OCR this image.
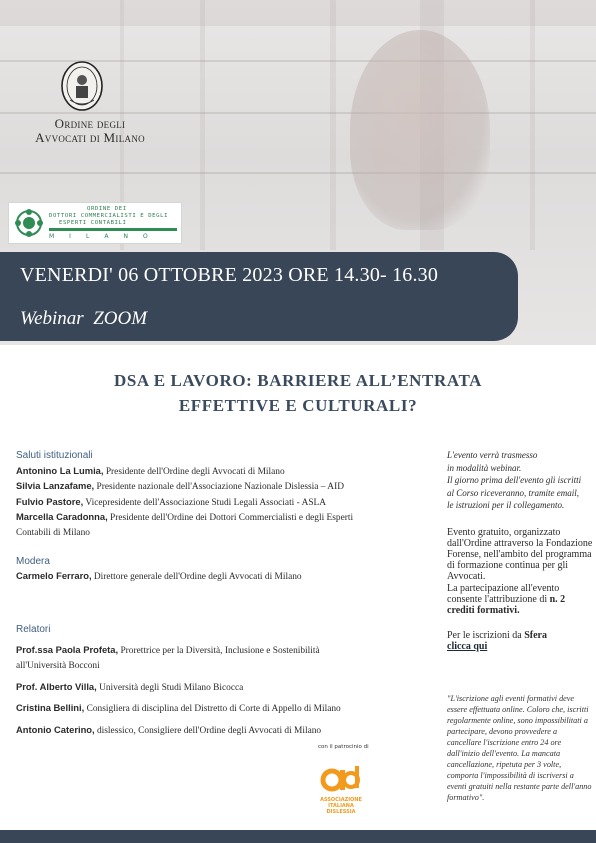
Ordine degli
Avvocati di Milano
ORDINE DEI
DOTTORI COMMERCIALISTI E DEGLI
ESPERTI CONTABILI
MILANO
VENERDI' 06 OTTOBRE 2023 ORE 14.30- 16.30
Webinar  ZOOM
DSA E LAVORO: BARRIERE ALL’ENTRATA
EFFETTIVE E CULTURALI?

Saluti istituzionali

Antonino La Lumia, Presidente dell'Ordine degli Avvocati di Milano

Silvia Lanzafame, Presidente nazionale dell'Associazione Nazionale Dislessia – AID

Fulvio Pastore, Vicepresidente dell'Associazione Studi Legali Associati - ASLA

Marcella Caradonna, Presidente dell'Ordine dei Dottori Commercialisti e degli Esperti Contabili di Milano

Modera

Carmelo Ferraro, Direttore generale dell'Ordine degli Avvocati di Milano

Relatori

Prof.ssa Paola Profeta, Prorettrice per la Diversità, Inclusione e Sostenibilità all'Università Bocconi

Prof. Alberto Villa, Università degli Studi Milano Bicocca

Cristina Bellini, Consigliera di disciplina del Distretto di Corte di Appello di Milano

Antonio Caterino, dislessico, Consigliere dell'Ordine degli Avvocati di Milano

L'evento verrà trasmesso

in modalità webinar.

Il giorno prima dell'evento gli iscritti

al Corso riceveranno, tramite email,

le istruzioni per il collegamento.

Evento gratuito, organizzato dall'Ordine attraverso la Fondazione Forense, nell'ambito del programma di formazione continua per gli Avvocati.

La partecipazione all'evento consente l'attribuzione di n. 2 crediti formativi.

Per le iscrizioni da Sfera

clicca qui

"L'iscrizione agli eventi formativi deve essere effettuata online. Coloro che, iscritti regolarmente online, sono impossibilitati a partecipare, devono provvedere a cancellare l'iscrizione entro 24 ore dall'inizio dell'evento. La mancata cancellazione, ripetuta per 3 volte, comporta l'impossibilità di iscriversi a eventi gratuiti nella restante parte dell'anno formativo".
con il patrocinio di
ASSOCIAZIONE
ITALIANA
DISLESSIA
